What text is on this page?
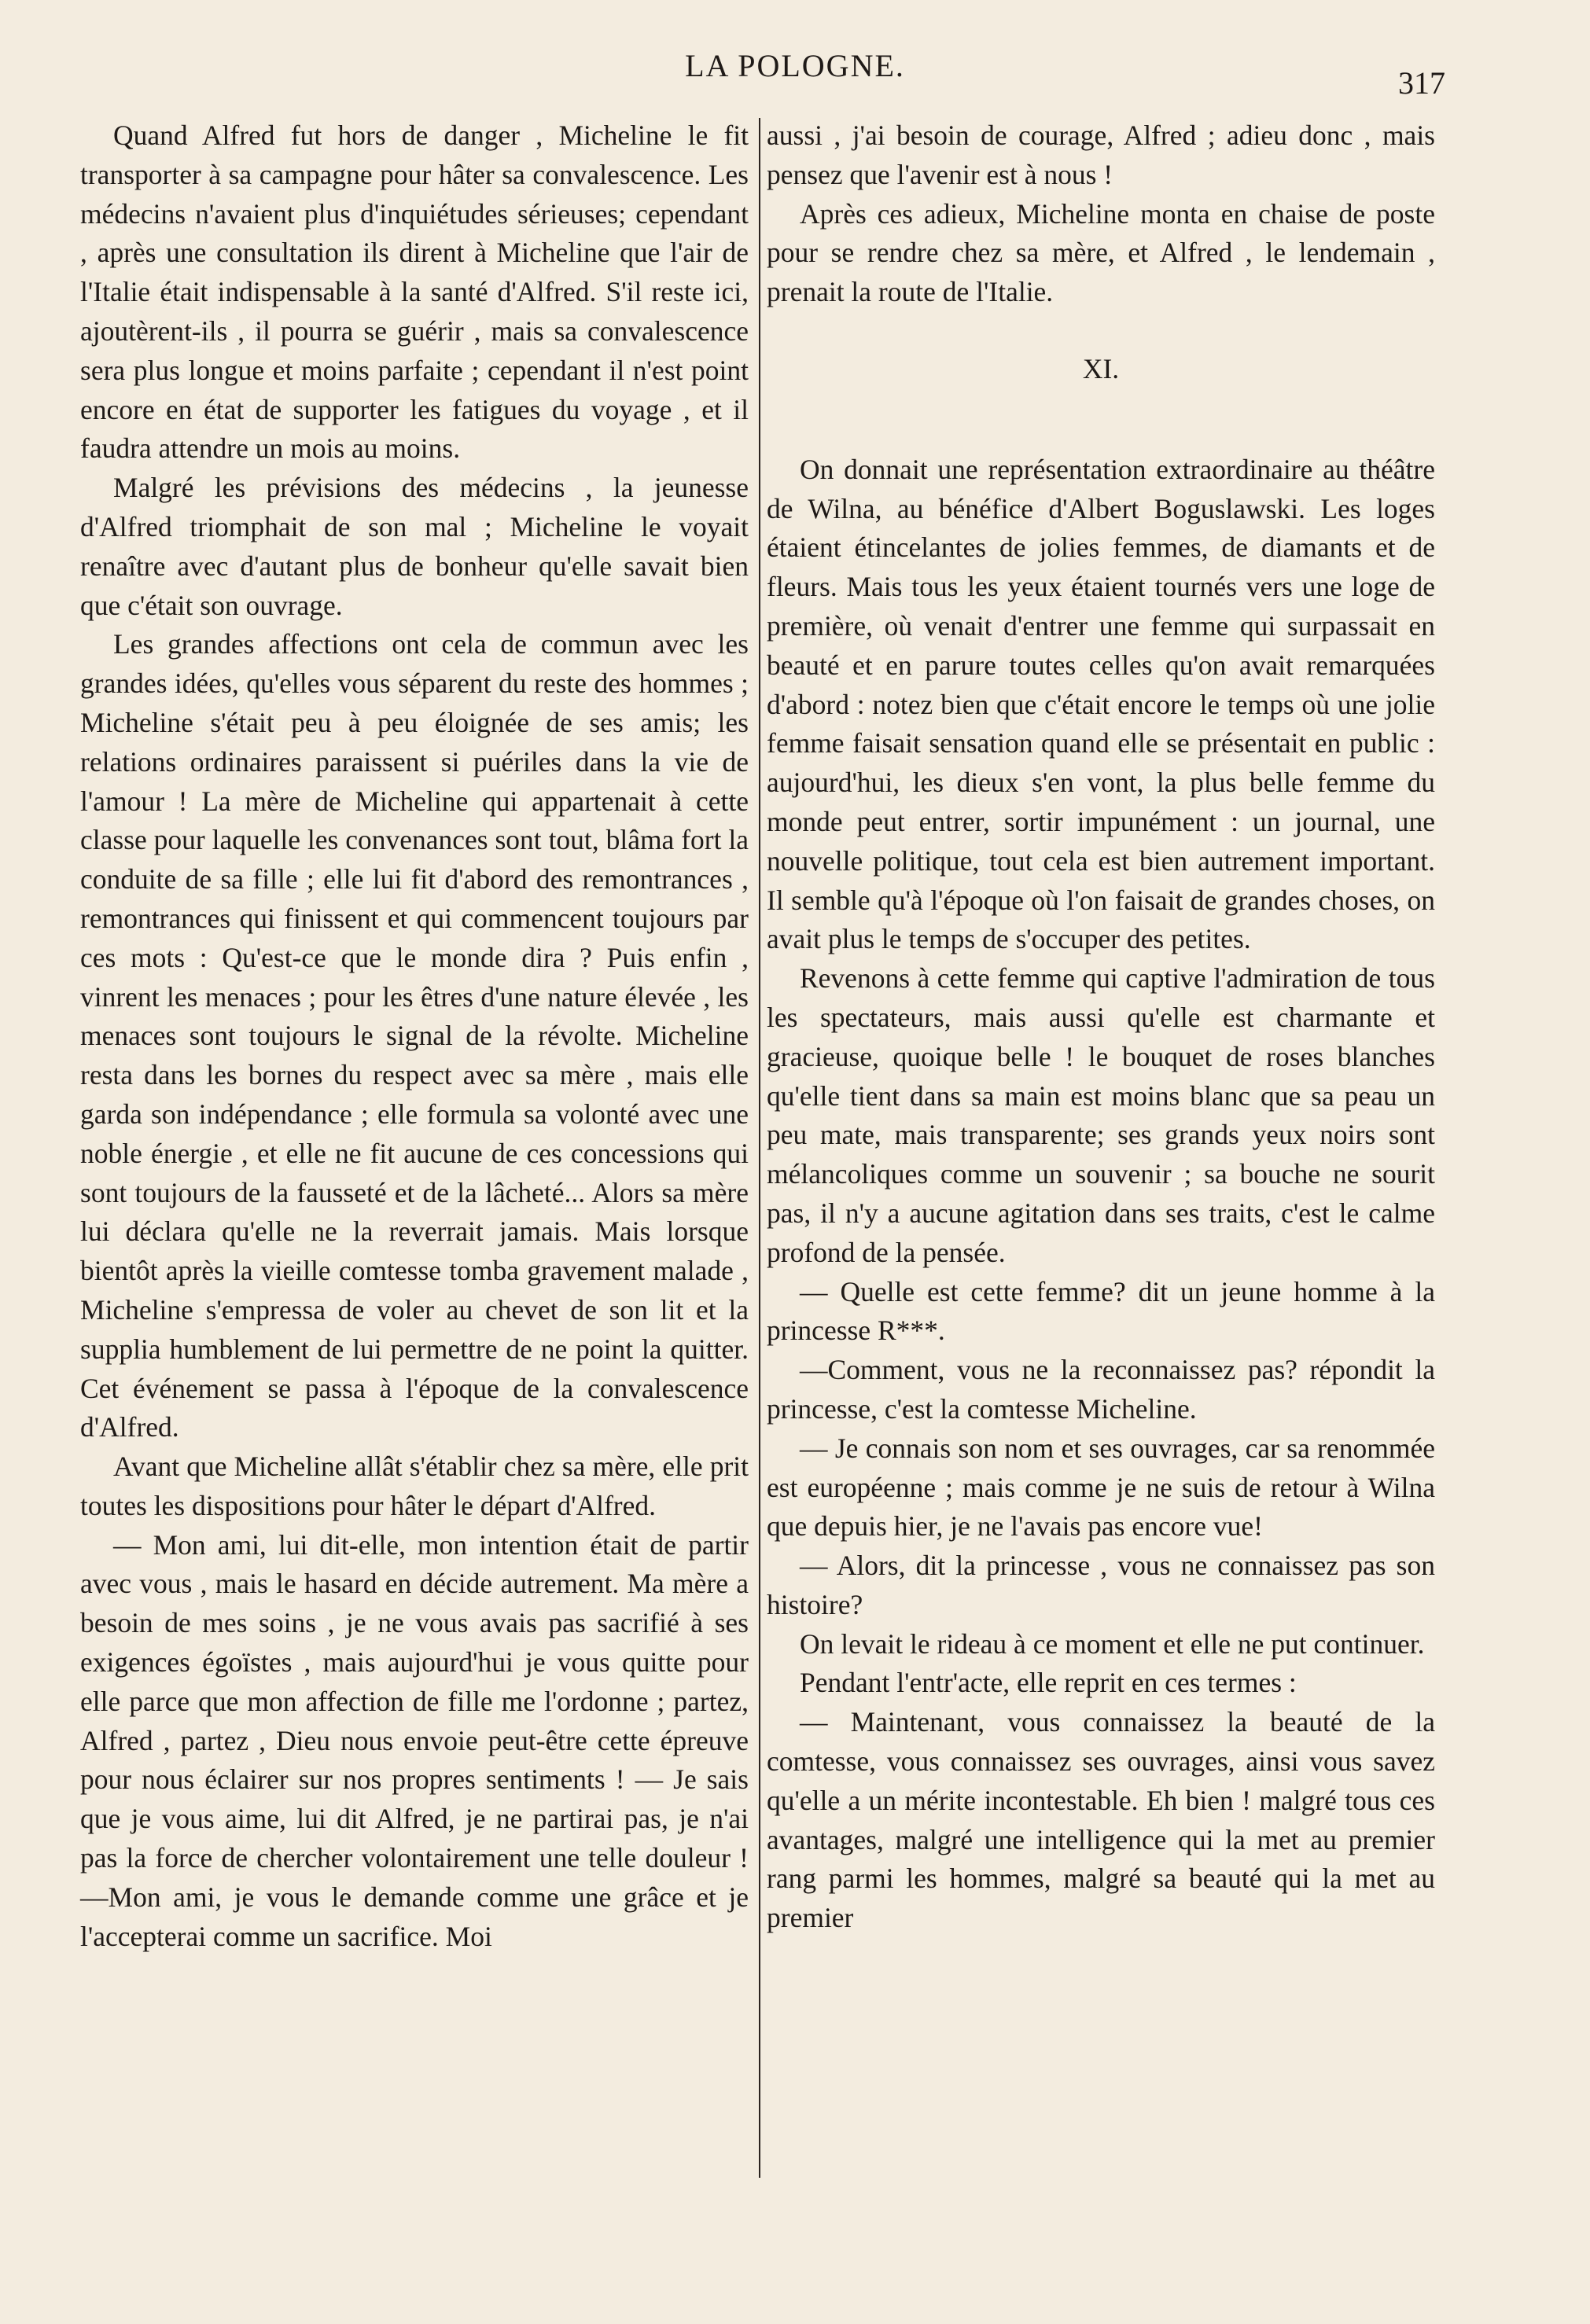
LA POLOGNE.	317

Quand Alfred fut hors de danger , Micheline le fit transporter à sa campagne pour hâter sa convalescence. Les médecins n'avaient plus d'inquiétudes sérieuses; cependant , après une consultation ils dirent à Micheline que l'air de l'Italie était indispensable à la santé d'Alfred. S'il reste ici, ajoutèrent-ils , il pourra se guérir , mais sa convalescence sera plus longue et moins parfaite ; cependant il n'est point encore en état de supporter les fatigues du voyage , et il faudra attendre un mois au moins.

Malgré les prévisions des médecins , la jeunesse d'Alfred triomphait de son mal ; Micheline le voyait renaître avec d'autant plus de bonheur qu'elle savait bien que c'était son ouvrage.

Les grandes affections ont cela de commun avec les grandes idées, qu'elles vous séparent du reste des hommes ; Micheline s'était peu à peu éloignée de ses amis; les relations ordinaires paraissent si puériles dans la vie de l'amour ! La mère de Micheline qui appartenait à cette classe pour laquelle les convenances sont tout, blâma fort la conduite de sa fille ; elle lui fit d'abord des remontrances , remontrances qui finissent et qui commencent toujours par ces mots : Qu'est-ce que le monde dira ? Puis enfin , vinrent les menaces ; pour les êtres d'une nature élevée , les menaces sont toujours le signal de la révolte. Micheline resta dans les bornes du respect avec sa mère , mais elle garda son indépendance ; elle formula sa volonté avec une noble énergie , et elle ne fit aucune de ces concessions qui sont toujours de la fausseté et de la lâcheté... Alors sa mère lui déclara qu'elle ne la reverrait jamais. Mais lorsque bientôt après la vieille comtesse tomba gravement malade , Micheline s'empressa de voler au chevet de son lit et la supplia humblement de lui permettre de ne point la quitter. Cet événement se passa à l'époque de la convalescence d'Alfred.

Avant que Micheline allât s'établir chez sa mère, elle prit toutes les dispositions pour hâter le départ d'Alfred.

— Mon ami, lui dit-elle, mon intention était de partir avec vous , mais le hasard en décide autrement. Ma mère a besoin de mes soins , je ne vous avais pas sacrifié à ses exigences égoïstes , mais aujourd'hui je vous quitte pour elle parce que mon affection de fille me l'ordonne ; partez, Alfred , partez , Dieu nous envoie peut-être cette épreuve pour nous éclairer sur nos propres sentiments ! — Je sais que je vous aime, lui dit Alfred, je ne partirai pas, je n'ai pas la force de chercher volontairement une telle douleur !—Mon ami, je vous le demande comme une grâce et je l'accepterai comme un sacrifice. Moi

aussi , j'ai besoin de courage, Alfred ; adieu donc , mais pensez que l'avenir est à nous !

Après ces adieux, Micheline monta en chaise de poste pour se rendre chez sa mère, et Alfred , le lendemain , prenait la route de l'Italie.

XI.

On donnait une représentation extraordinaire au théâtre de Wilna, au bénéfice d'Albert Boguslawski. Les loges étaient étincelantes de jolies femmes, de diamants et de fleurs. Mais tous les yeux étaient tournés vers une loge de première, où venait d'entrer une femme qui surpassait en beauté et en parure toutes celles qu'on avait remarquées d'abord : notez bien que c'était encore le temps où une jolie femme faisait sensation quand elle se présentait en public : aujourd'hui, les dieux s'en vont, la plus belle femme du monde peut entrer, sortir impunément : un journal, une nouvelle politique, tout cela est bien autrement important. Il semble qu'à l'époque où l'on faisait de grandes choses, on avait plus le temps de s'occuper des petites.

Revenons à cette femme qui captive l'admiration de tous les spectateurs, mais aussi qu'elle est charmante et gracieuse, quoique belle ! le bouquet de roses blanches qu'elle tient dans sa main est moins blanc que sa peau un peu mate, mais transparente; ses grands yeux noirs sont mélancoliques comme un souvenir ; sa bouche ne sourit pas, il n'y a aucune agitation dans ses traits, c'est le calme profond de la pensée.

— Quelle est cette femme? dit un jeune homme à la princesse R***.

—Comment, vous ne la reconnaissez pas? répondit la princesse, c'est la comtesse Micheline.

— Je connais son nom et ses ouvrages, car sa renommée est européenne ; mais comme je ne suis de retour à Wilna que depuis hier, je ne l'avais pas encore vue!

— Alors, dit la princesse , vous ne connaissez pas son histoire?

On levait le rideau à ce moment et elle ne put continuer.

Pendant l'entr'acte, elle reprit en ces termes :

— Maintenant, vous connaissez la beauté de la comtesse, vous connaissez ses ouvrages, ainsi vous savez qu'elle a un mérite incontestable. Eh bien ! malgré tous ces avantages, malgré une intelligence qui la met au premier rang parmi les hommes, malgré sa beauté qui la met au premier
